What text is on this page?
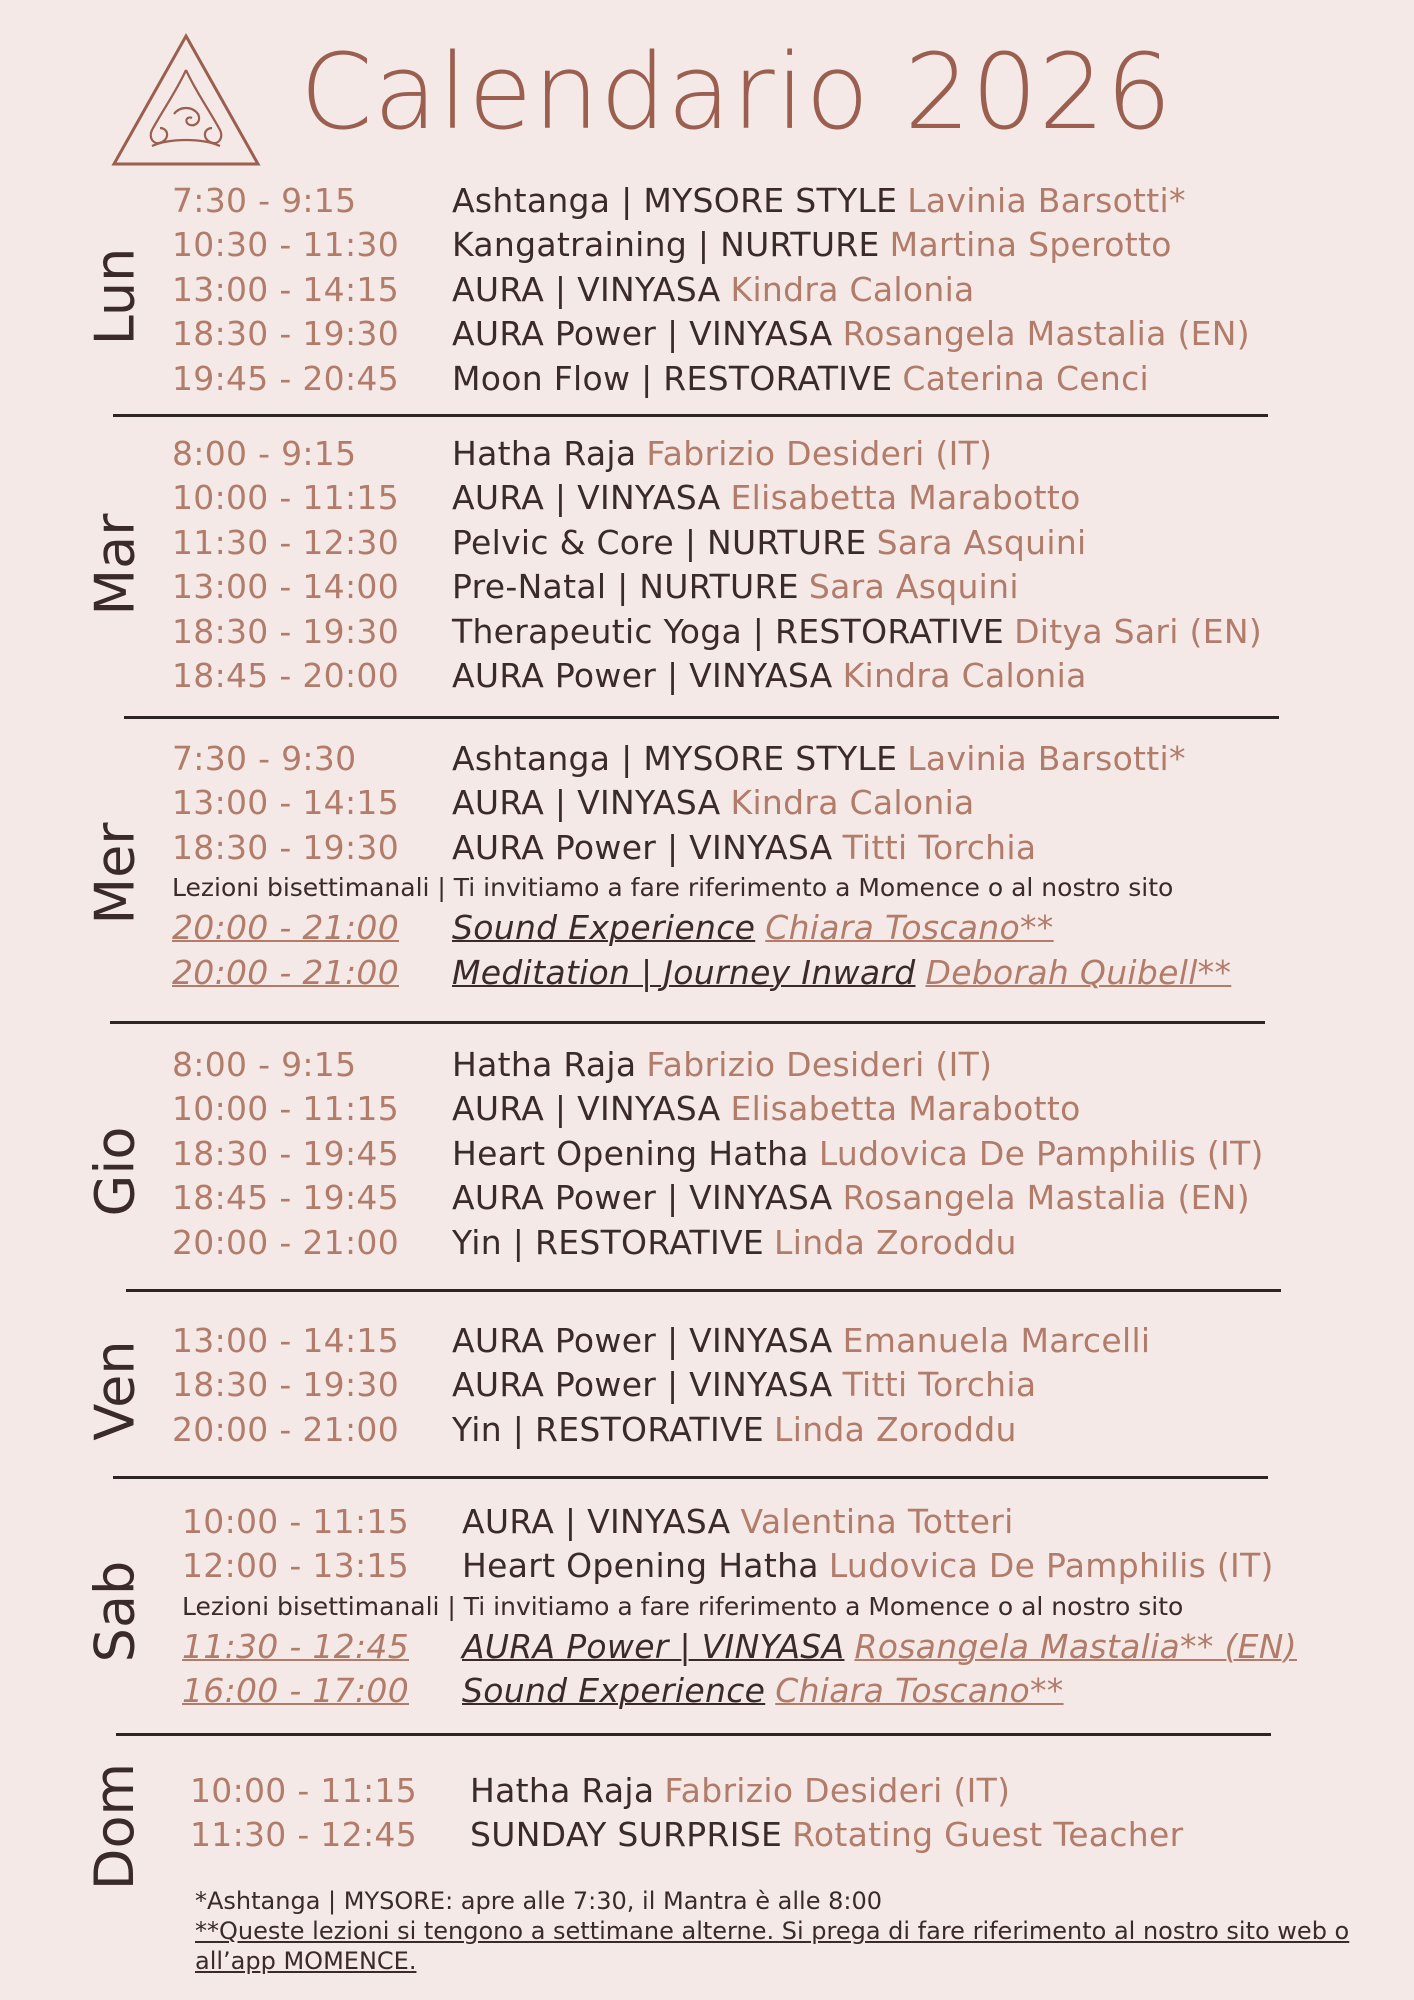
Calendario 2026
Lun
7:30 - 9:15	Ashtanga | MYSORE STYLE Lavinia Barsotti*
10:30 - 11:30	Kangatraining | NURTURE Martina Sperotto
13:00 - 14:15	AURA | VINYASA Kindra Calonia
18:30 - 19:30	AURA Power | VINYASA Rosangela Mastalia (EN)
19:45 - 20:45	Moon Flow | RESTORATIVE Caterina Cenci
Mar
8:00 - 9:15	Hatha Raja Fabrizio Desideri (IT)
10:00 - 11:15	AURA | VINYASA Elisabetta Marabotto
11:30 - 12:30	Pelvic & Core | NURTURE Sara Asquini
13:00 - 14:00	Pre-Natal | NURTURE Sara Asquini
18:30 - 19:30	Therapeutic Yoga | RESTORATIVE Ditya Sari (EN)
18:45 - 20:00	AURA Power | VINYASA Kindra Calonia
Mer
7:30 - 9:30	Ashtanga | MYSORE STYLE Lavinia Barsotti*
13:00 - 14:15	AURA | VINYASA Kindra Calonia
18:30 - 19:30	AURA Power | VINYASA Titti Torchia
Lezioni bisettimanali | Ti invitiamo a fare riferimento a Momence o al nostro sito
20:00 - 21:00	Sound Experience Chiara Toscano**
20:00 - 21:00	Meditation | Journey Inward Deborah Quibell**
Gio
8:00 - 9:15	Hatha Raja Fabrizio Desideri (IT)
10:00 - 11:15	AURA | VINYASA Elisabetta Marabotto
18:30 - 19:45	Heart Opening Hatha Ludovica De Pamphilis (IT)
18:45 - 19:45	AURA Power | VINYASA Rosangela Mastalia (EN)
20:00 - 21:00	Yin | RESTORATIVE Linda Zoroddu
Ven 13:00 - 14:15	AURA Power | VINYASA Emanuela Marcelli
18:30 - 19:30	AURA Power | VINYASA Titti Torchia
20:00 - 21:00	Yin | RESTORATIVE Linda Zoroddu
Sab
10:00 - 11:15	AURA | VINYASA Valentina Totteri
12:00 - 13:15	Heart Opening Hatha Ludovica De Pamphilis (IT)
Lezioni bisettimanali | Ti invitiamo a fare riferimento a Momence o al nostro sito
11:30 - 12:45	AURA Power | VINYASA Rosangela Mastalia** (EN)
16:00 - 17:00	Sound Experience Chiara Toscano**
Dom 10:00 - 11:15	Hatha Raja Fabrizio Desideri (IT)
11:30 - 12:45	SUNDAY SURPRISE Rotating Guest Teacher
*Ashtanga | MYSORE: apre alle 7:30, il Mantra è alle 8:00
**Queste lezioni si tengono a settimane alterne. Si prega di fare riferimento al nostro sito web o all’app MOMENCE.
